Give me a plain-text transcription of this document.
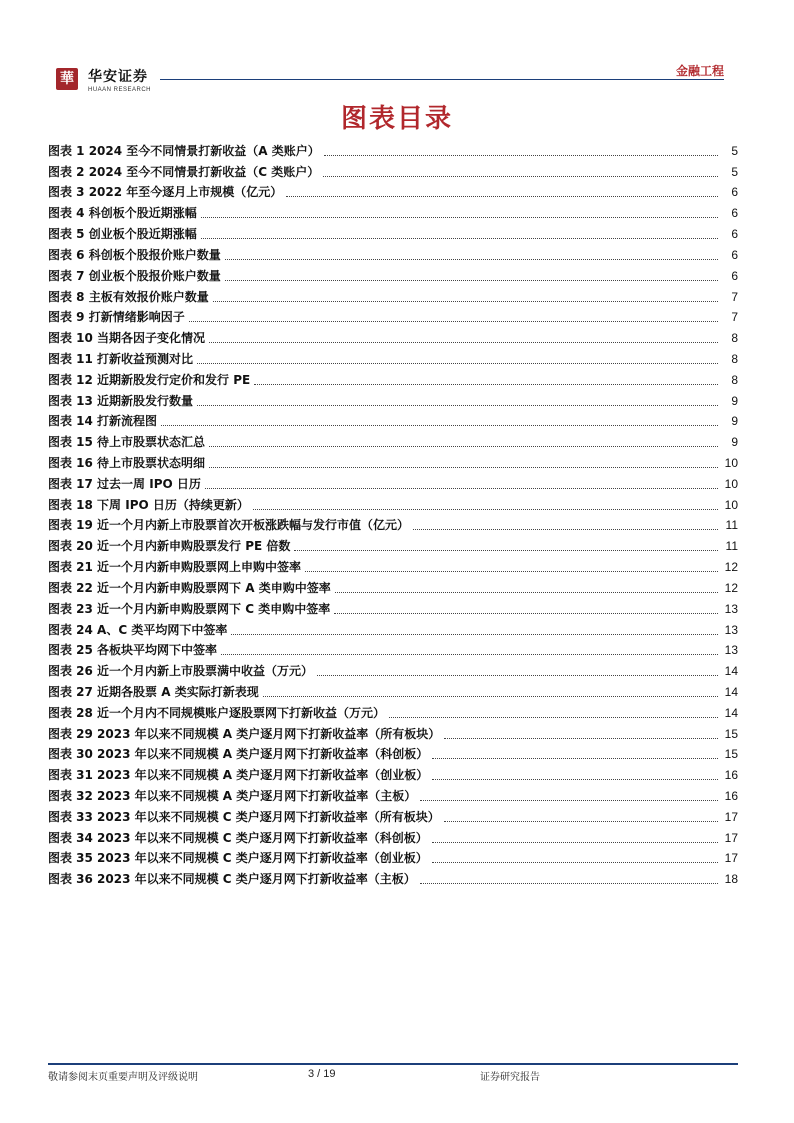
華 华安证券
HUAAN RESEARCH
金融工程
图表目录
图表 1 2024 至今不同情景打新收益（A 类账户）	5
图表 2 2024 至今不同情景打新收益（C 类账户）	5
图表 3 2022 年至今逐月上市规模（亿元）	6
图表 4 科创板个股近期涨幅	6
图表 5 创业板个股近期涨幅	6
图表 6 科创板个股报价账户数量	6
图表 7 创业板个股报价账户数量	6
图表 8 主板有效报价账户数量	7
图表 9 打新情绪影响因子	7
图表 10 当期各因子变化情况	8
图表 11 打新收益预测对比	8
图表 12 近期新股发行定价和发行 PE	8
图表 13 近期新股发行数量	9
图表 14 打新流程图	9
图表 15 待上市股票状态汇总	9
图表 16 待上市股票状态明细	10
图表 17 过去一周 IPO 日历	10
图表 18 下周 IPO 日历（持续更新）	10
图表 19 近一个月内新上市股票首次开板涨跌幅与发行市值（亿元）	11
图表 20 近一个月内新申购股票发行 PE 倍数	11
图表 21 近一个月内新申购股票网上申购中签率	12
图表 22 近一个月内新申购股票网下 A 类申购中签率	12
图表 23 近一个月内新申购股票网下 C 类申购中签率	13
图表 24 A、C 类平均网下中签率	13
图表 25 各板块平均网下中签率	13
图表 26 近一个月内新上市股票满中收益（万元）	14
图表 27 近期各股票 A 类实际打新表现	14
图表 28 近一个月内不同规模账户逐股票网下打新收益（万元）	14
图表 29 2023 年以来不同规模 A 类户逐月网下打新收益率（所有板块）	15
图表 30 2023 年以来不同规模 A 类户逐月网下打新收益率（科创板）	15
图表 31 2023 年以来不同规模 A 类户逐月网下打新收益率（创业板）	16
图表 32 2023 年以来不同规模 A 类户逐月网下打新收益率（主板）	16
图表 33 2023 年以来不同规模 C 类户逐月网下打新收益率（所有板块）	17
图表 34 2023 年以来不同规模 C 类户逐月网下打新收益率（科创板）	17
图表 35 2023 年以来不同规模 C 类户逐月网下打新收益率（创业板）	17
图表 36 2023 年以来不同规模 C 类户逐月网下打新收益率（主板）	18
敬请参阅末页重要声明及评级说明	3 / 19	证券研究报告
